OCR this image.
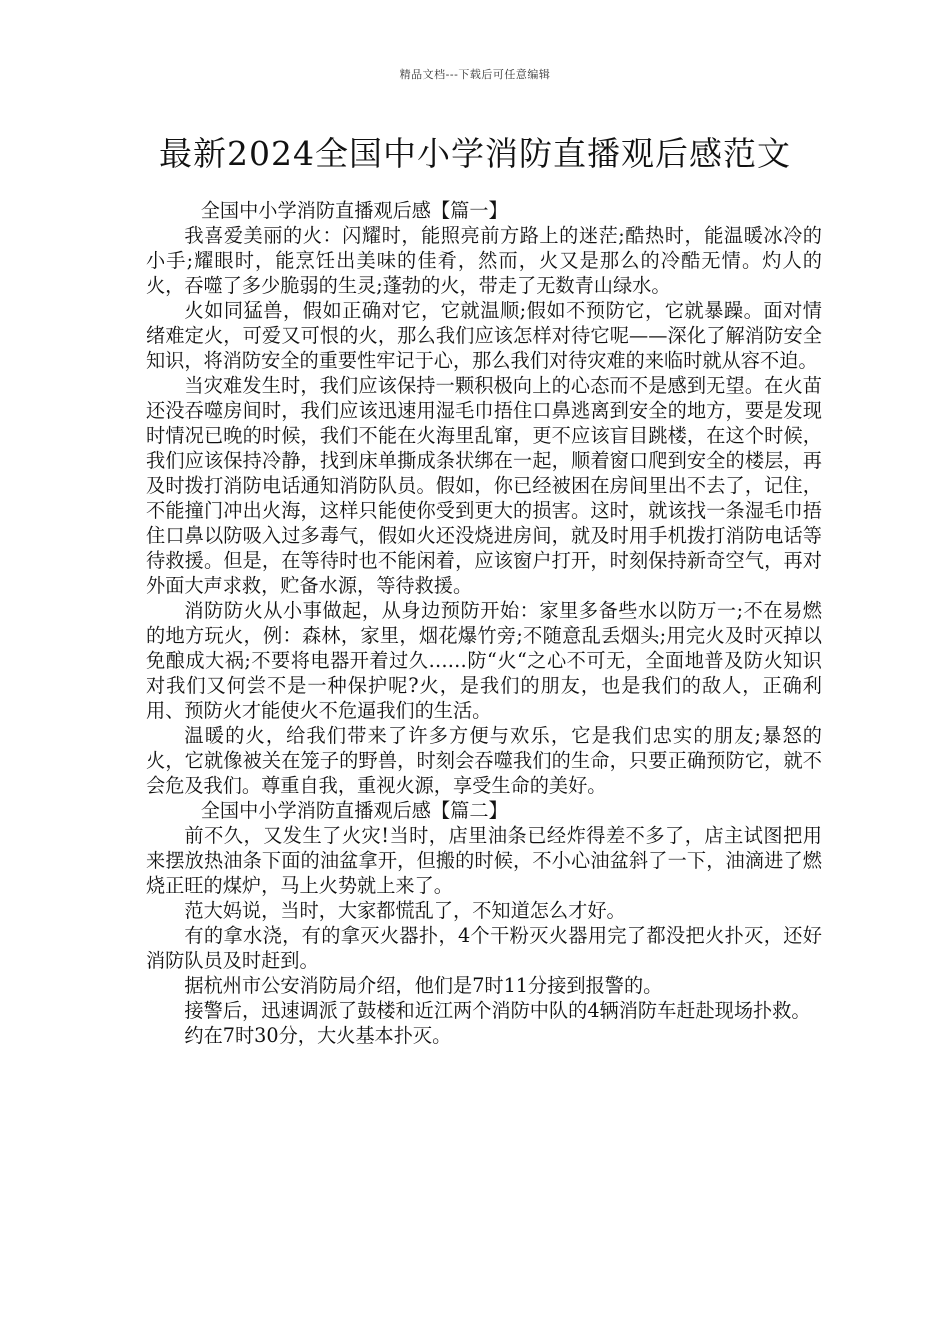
精品文档---下载后可任意编辑
最新2024全国中小学消防直播观后感范文

全国中小学消防直播观后感【篇一】

我喜爱美丽的火：闪耀时，能照亮前方路上的迷茫;酷热时，能温暖冰冷的小手;耀眼时，能烹饪出美味的佳肴，然而，火又是那么的冷酷无情。灼人的火，吞噬了多少脆弱的生灵;蓬勃的火，带走了无数青山绿水。

火如同猛兽，假如正确对它，它就温顺;假如不预防它，它就暴躁。面对情绪难定火，可爱又可恨的火，那么我们应该怎样对待它呢——深化了解消防安全知识，将消防安全的重要性牢记于心，那么我们对待灾难的来临时就从容不迫。

当灾难发生时，我们应该保持一颗积极向上的心态而不是感到无望。在火苗还没吞噬房间时，我们应该迅速用湿毛巾捂住口鼻逃离到安全的地方，要是发现时情况已晚的时候，我们不能在火海里乱窜，更不应该盲目跳楼，在这个时候，我们应该保持冷静，找到床单撕成条状绑在一起，顺着窗口爬到安全的楼层，再及时拨打消防电话通知消防队员。假如，你已经被困在房间里出不去了，记住，不能撞门冲出火海，这样只能使你受到更大的损害。这时，就该找一条湿毛巾捂住口鼻以防吸入过多毒气，假如火还没烧进房间，就及时用手机拨打消防电话等待救援。但是，在等待时也不能闲着，应该窗户打开，时刻保持新奇空气，再对外面大声求救，贮备水源，等待救援。

消防防火从小事做起，从身边预防开始：家里多备些水以防万一;不在易燃的地方玩火，例：森林，家里，烟花爆竹旁;不随意乱丢烟头;用完火及时灭掉以免酿成大祸;不要将电器开着过久……防“火“之心不可无，全面地普及防火知识对我们又何尝不是一种保护呢?火，是我们的朋友，也是我们的敌人，正确利用、预防火才能使火不危逼我们的生活。

温暖的火，给我们带来了许多方便与欢乐，它是我们忠实的朋友;暴怒的火，它就像被关在笼子的野兽，时刻会吞噬我们的生命，只要正确预防它，就不会危及我们。尊重自我，重视火源，享受生命的美好。

全国中小学消防直播观后感【篇二】

前不久，又发生了火灾!当时，店里油条已经炸得差不多了，店主试图把用来摆放热油条下面的油盆拿开，但搬的时候，不小心油盆斜了一下，油滴进了燃烧正旺的煤炉，马上火势就上来了。

范大妈说，当时，大家都慌乱了，不知道怎么才好。

有的拿水浇，有的拿灭火器扑，4个干粉灭火器用完了都没把火扑灭，还好消防队员及时赶到。

据杭州市公安消防局介绍，他们是7时11分接到报警的。

接警后，迅速调派了鼓楼和近江两个消防中队的4辆消防车赶赴现场扑救。

约在7时30分，大火基本扑灭。
